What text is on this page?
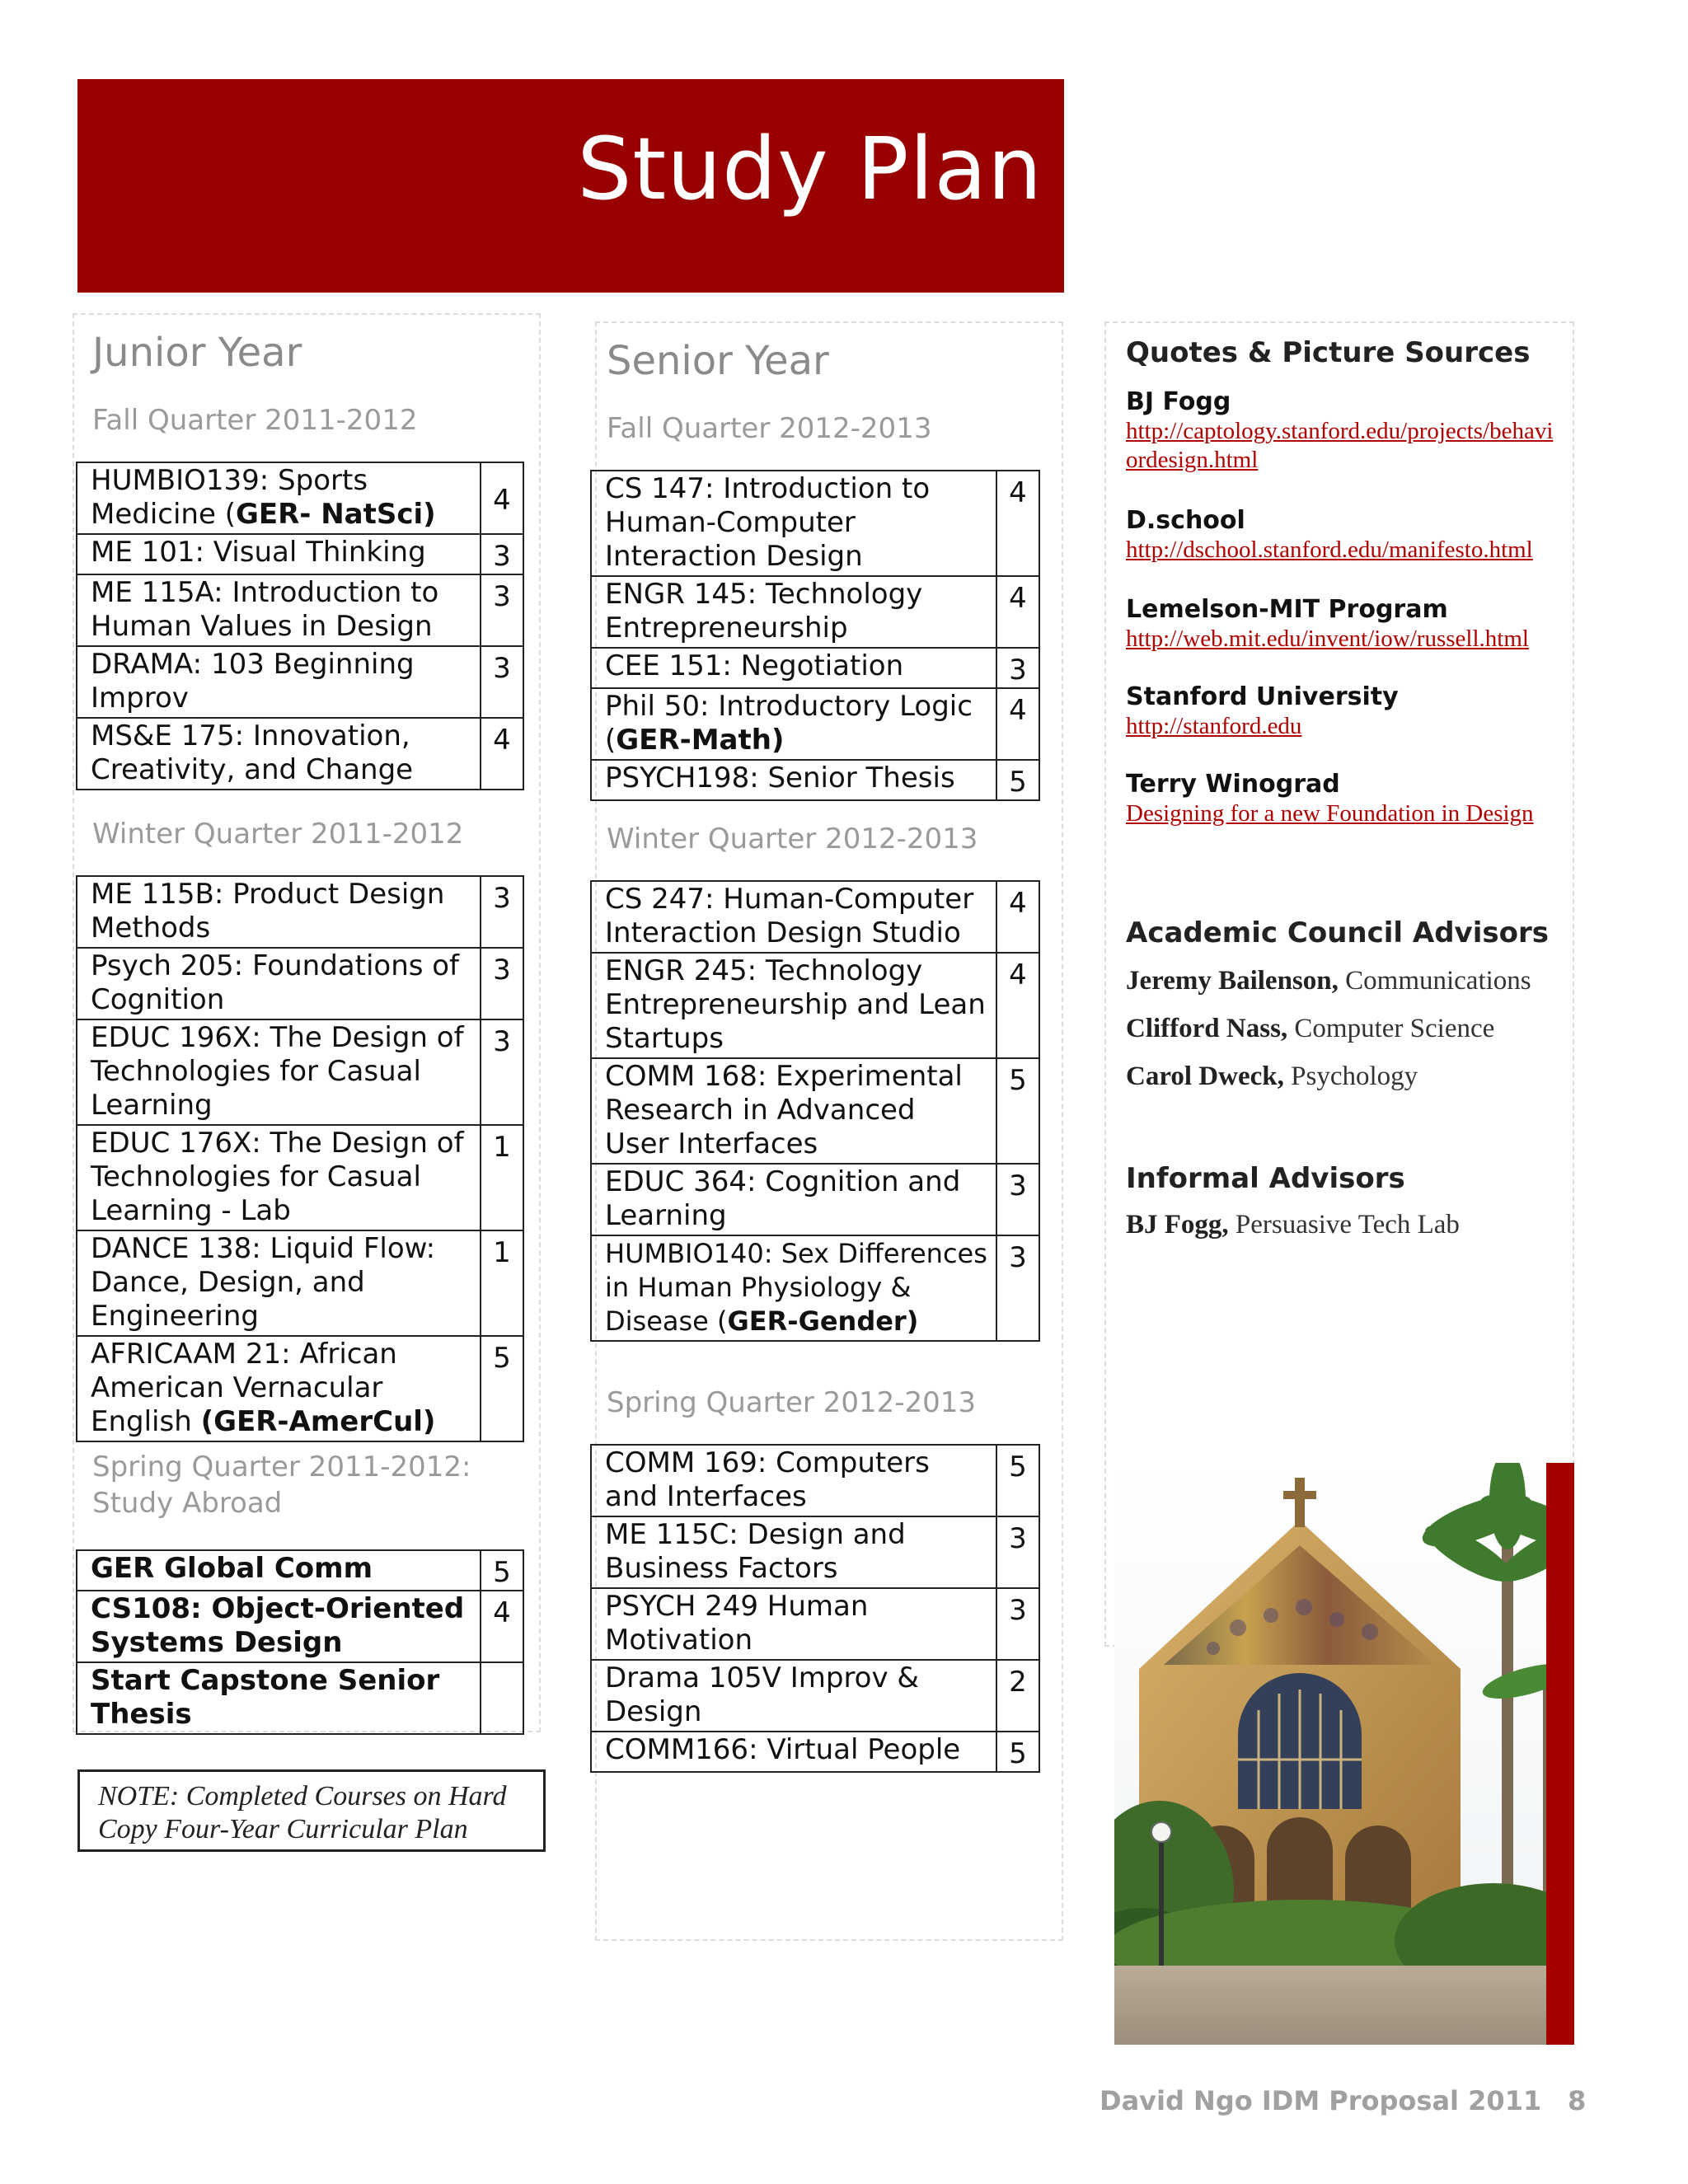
Study Plan
Junior Year
Fall Quarter 2011-2012
HUMBIO139: Sports Medicine (GER- NatSci)	4
ME 101: Visual Thinking	3
ME 115A: Introduction to Human Values in Design	3
DRAMA: 103 Beginning Improv	3
MS&E 175: Innovation, Creativity, and Change	4
Winter Quarter 2011-2012
ME 115B: Product Design Methods	3
Psych 205: Foundations of Cognition	3
EDUC 196X: The Design of Technologies for Casual Learning	3
EDUC 176X: The Design of Technologies for Casual Learning - Lab	1
DANCE 138: Liquid Flow: Dance, Design, and Engineering	1
AFRICAAM 21: African American Vernacular English (GER-AmerCul)	5
Spring Quarter 2011-2012: Study Abroad
GER Global Comm	5
CS108: Object-Oriented Systems Design	4
Start Capstone Senior Thesis	
NOTE: Completed Courses on Hard Copy Four-Year Curricular Plan
Senior Year
Fall Quarter 2012-2013
CS 147: Introduction to Human-Computer Interaction Design	4
ENGR 145: Technology Entrepreneurship	4
CEE 151: Negotiation	3
Phil 50: Introductory Logic (GER-Math)	4
PSYCH198: Senior Thesis	5
Winter Quarter 2012-2013
CS 247: Human-Computer Interaction Design Studio	4
ENGR 245: Technology Entrepreneurship and Lean Startups	4
COMM 168: Experimental Research in Advanced User Interfaces	5
EDUC 364: Cognition and Learning	3
HUMBIO140: Sex Differences in Human Physiology & Disease (GER-Gender)	3
Spring Quarter 2012-2013
COMM 169: Computers and Interfaces	5
ME 115C: Design and Business Factors	3
PSYCH 249 Human Motivation	3
Drama 105V Improv & Design	2
COMM166: Virtual People	5
Quotes & Picture Sources
BJ Fogg
http://captology.stanford.edu/projects/behaviordesign.html
D.school
http://dschool.stanford.edu/manifesto.html
Lemelson-MIT Program
http://web.mit.edu/invent/iow/russell.html
Stanford University
http://stanford.edu
Terry Winograd
Designing for a new Foundation in Design
Academic Council Advisors
Jeremy Bailenson, Communications
Clifford Nass, Computer Science
Carol Dweck, Psychology
Informal Advisors
BJ Fogg, Persuasive Tech Lab
David Ngo IDM Proposal 2011 8
